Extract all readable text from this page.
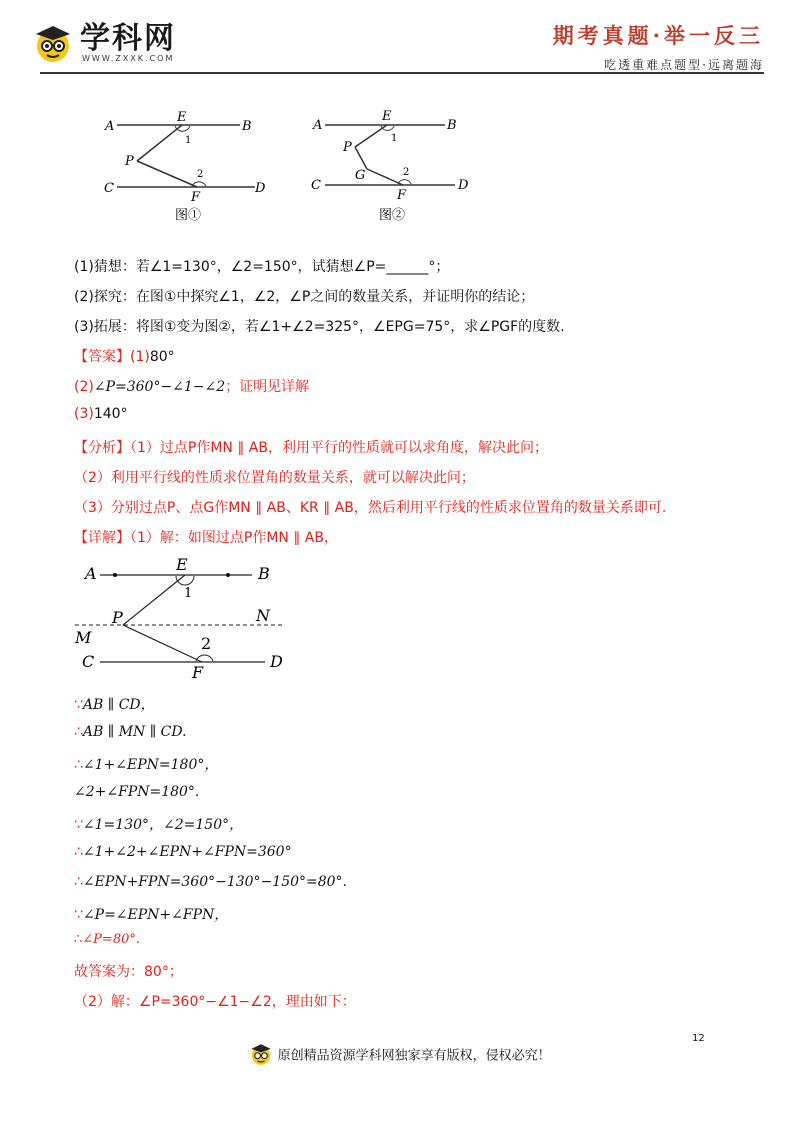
学科网
WWW.ZXXK.COM
期考真题·举一反三
吃透重难点题型·远离题海
A	B
E
1
P
2
C	D
F
图①
A	B
E
1
P
G	2
C	D
F
图②
(1)猜想：若∠1=130°，∠2=150°，试猜想∠P=______°；
(2)探究：在图①中探究∠1，∠2，∠P之间的数量关系，并证明你的结论；
(3)拓展：将图①变为图②，若∠1+∠2=325°，∠EPG=75°，求∠PGF的度数.
【答案】(1)80°
(2)∠P=360°−∠1−∠2；证明见详解
(3)140°
【分析】（1）过点P作MN ∥ AB，利用平行的性质就可以求角度，解决此问；
（2）利用平行线的性质求位置角的数量关系，就可以解决此问；
（3）分别过点P、点G作MN ∥ AB、KR ∥ AB，然后利用平行线的性质求位置角的数量关系即可.
【详解】（1）解：如图过点P作MN ∥ AB，
A	B
E
1
P	N
M	2
C	D
F
∵AB ∥ CD，
∴AB ∥ MN ∥ CD.
∴∠1+∠EPN=180°，
∠2+∠FPN=180°.
∵∠1=130°，∠2=150°，
∴∠1+∠2+∠EPN+∠FPN=360°
∴∠EPN+FPN=360°−130°−150°=80°.
∵∠P=∠EPN+∠FPN，
∴∠P=80°.
故答案为：80°；
（2）解：∠P=360°−∠1−∠2，理由如下：
12
原创精品资源学科网独家享有版权，侵权必究！
